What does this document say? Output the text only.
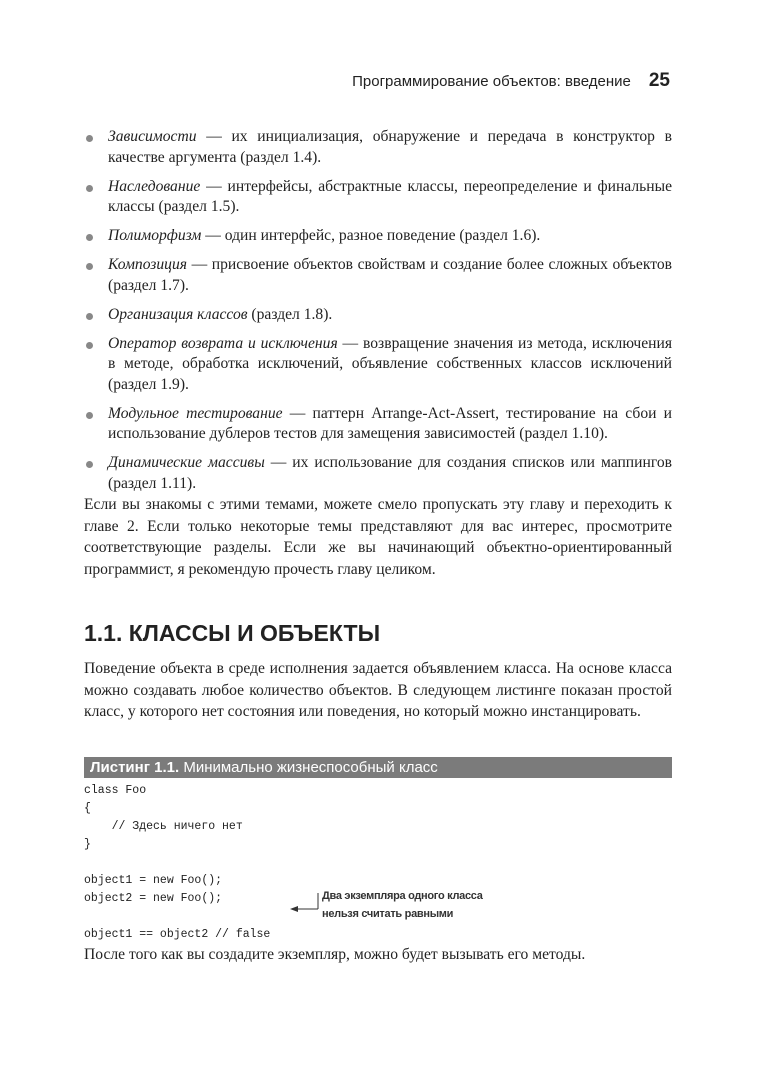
Программирование объектов: введение 25
Зависимости — их инициализация, обнаружение и передача в конструктор в качестве аргумента (раздел 1.4).
Наследование — интерфейсы, абстрактные классы, переопределение и финальные классы (раздел 1.5).
Полиморфизм — один интерфейс, разное поведение (раздел 1.6).
Композиция — присвоение объектов свойствам и создание более сложных объектов (раздел 1.7).
Организация классов (раздел 1.8).
Оператор возврата и исключения — возвращение значения из метода, исключения в методе, обработка исключений, объявление собственных классов исключений (раздел 1.9).
Модульное тестирование — паттерн Arrange-Act-Assert, тестирование на сбои и использование дублеров тестов для замещения зависимостей (раздел 1.10).
Динамические массивы — их использование для создания списков или маппингов (раздел 1.11).

Если вы знакомы с этими темами, можете смело пропускать эту главу и переходить к главе 2. Если только некоторые темы представляют для вас интерес, просмотрите соответствующие разделы. Если же вы начинающий объектно-ориентированный программист, я рекомендую прочесть главу целиком.

1.1. КЛАССЫ И ОБЪЕКТЫ

Поведение объекта в среде исполнения задается объявлением класса. На основе класса можно создавать любое количество объектов. В следующем листинге показан простой класс, у которого нет состояния или поведения, но который можно инстанцировать.

Листинг 1.1. Минимально жизнеспособный класс
class Foo
{
// Здесь ничего нет
}

object1 = new Foo();
object2 = new Foo();

object1 == object2 // false
Два экземпляра одного класса
нельзя считать равными

После того как вы создадите экземпляр, можно будет вызывать его методы.
